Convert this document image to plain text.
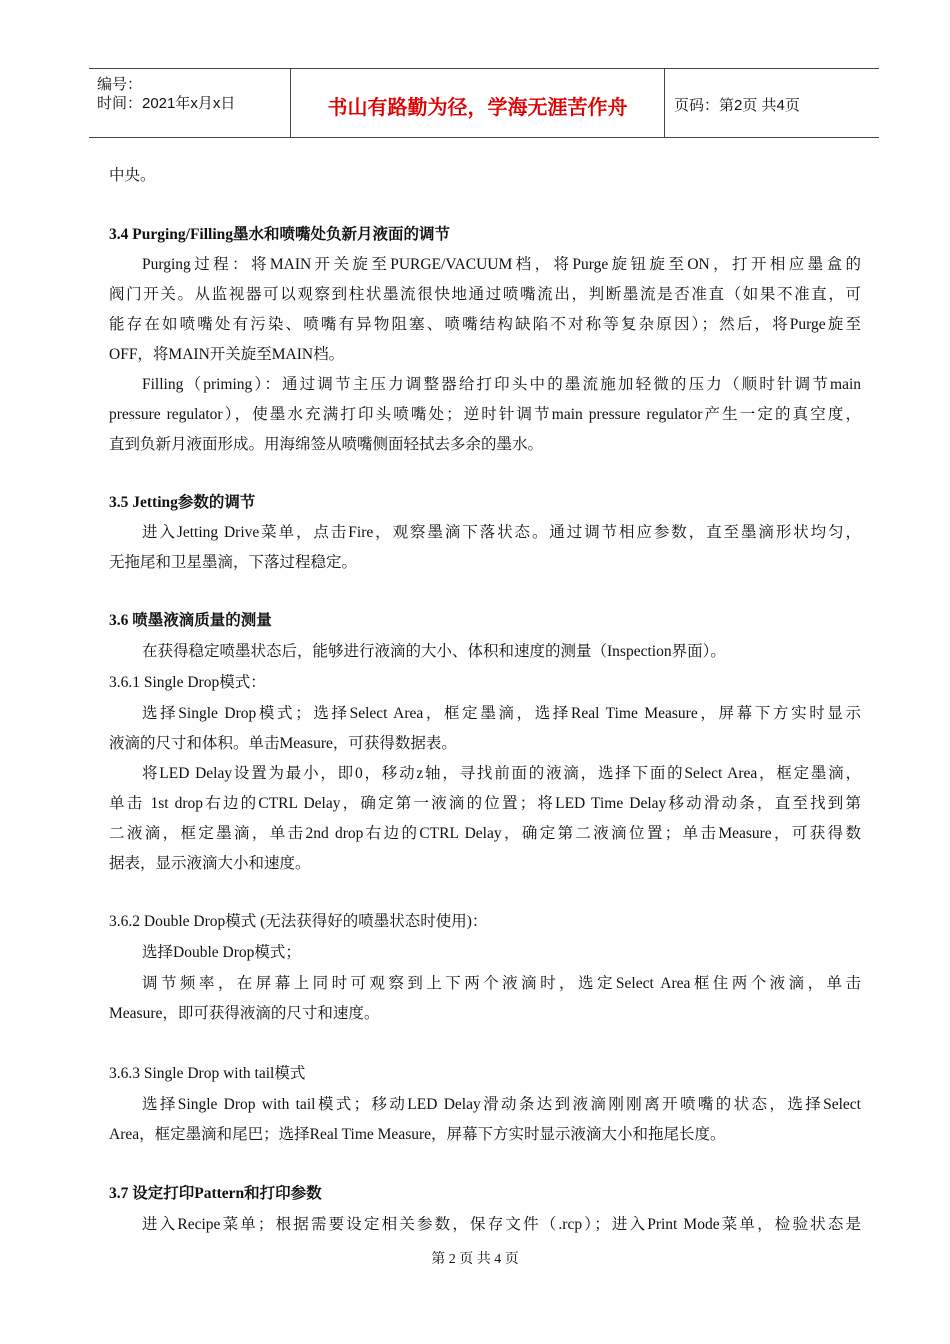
编号：
时间：2021年x月x日	书山有路勤为径，学海无涯苦作舟	页码：第2页 共4页
中央。
3.4 Purging/Filling墨水和喷嘴处负新月液面的调节
Purging过程：将MAIN开关旋至PURGE/VACUUM档，将Purge旋钮旋至ON，打开相应墨盒的
阀门开关。从监视器可以观察到柱状墨流很快地通过喷嘴流出，判断墨流是否准直（如果不准直，可
能存在如喷嘴处有污染、喷嘴有异物阻塞、喷嘴结构缺陷不对称等复杂原因）；然后，将Purge旋至
OFF，将MAIN开关旋至MAIN档。
Filling（priming）：通过调节主压力调整器给打印头中的墨流施加轻微的压力（顺时针调节main
pressure regulator），使墨水充满打印头喷嘴处；逆时针调节main pressure regulator产生一定的真空度，
直到负新月液面形成。用海绵签从喷嘴侧面轻拭去多余的墨水。
3.5 Jetting参数的调节
进入Jetting Drive菜单，点击Fire，观察墨滴下落状态。通过调节相应参数，直至墨滴形状均匀，
无拖尾和卫星墨滴，下落过程稳定。
3.6 喷墨液滴质量的测量
在获得稳定喷墨状态后，能够进行液滴的大小、体积和速度的测量（Inspection界面）。
3.6.1 Single Drop模式：
选择Single Drop模式；选择Select Area，框定墨滴，选择Real Time Measure，屏幕下方实时显示
液滴的尺寸和体积。单击Measure，可获得数据表。
将LED Delay设置为最小，即0，移动z轴，寻找前面的液滴，选择下面的Select Area，框定墨滴，
单击 1st drop右边的CTRL Delay，确定第一液滴的位置；将LED Time Delay移动滑动条，直至找到第
二液滴，框定墨滴，单击2nd drop右边的CTRL Delay，确定第二液滴位置；单击Measure，可获得数
据表，显示液滴大小和速度。
3.6.2 Double Drop模式 (无法获得好的喷墨状态时使用)：
选择Double Drop模式；
调节频率，在屏幕上同时可观察到上下两个液滴时，选定Select Area框住两个液滴，单击
Measure，即可获得液滴的尺寸和速度。
3.6.3 Single Drop with tail模式
选择Single Drop with tail模式；移动LED Delay滑动条达到液滴刚刚离开喷嘴的状态，选择Select
Area，框定墨滴和尾巴；选择Real Time Measure，屏幕下方实时显示液滴大小和拖尾长度。
3.7 设定打印Pattern和打印参数
进入Recipe菜单；根据需要设定相关参数，保存文件（.rcp）；进入Print Mode菜单，检验状态是
第 2 页 共 4 页
